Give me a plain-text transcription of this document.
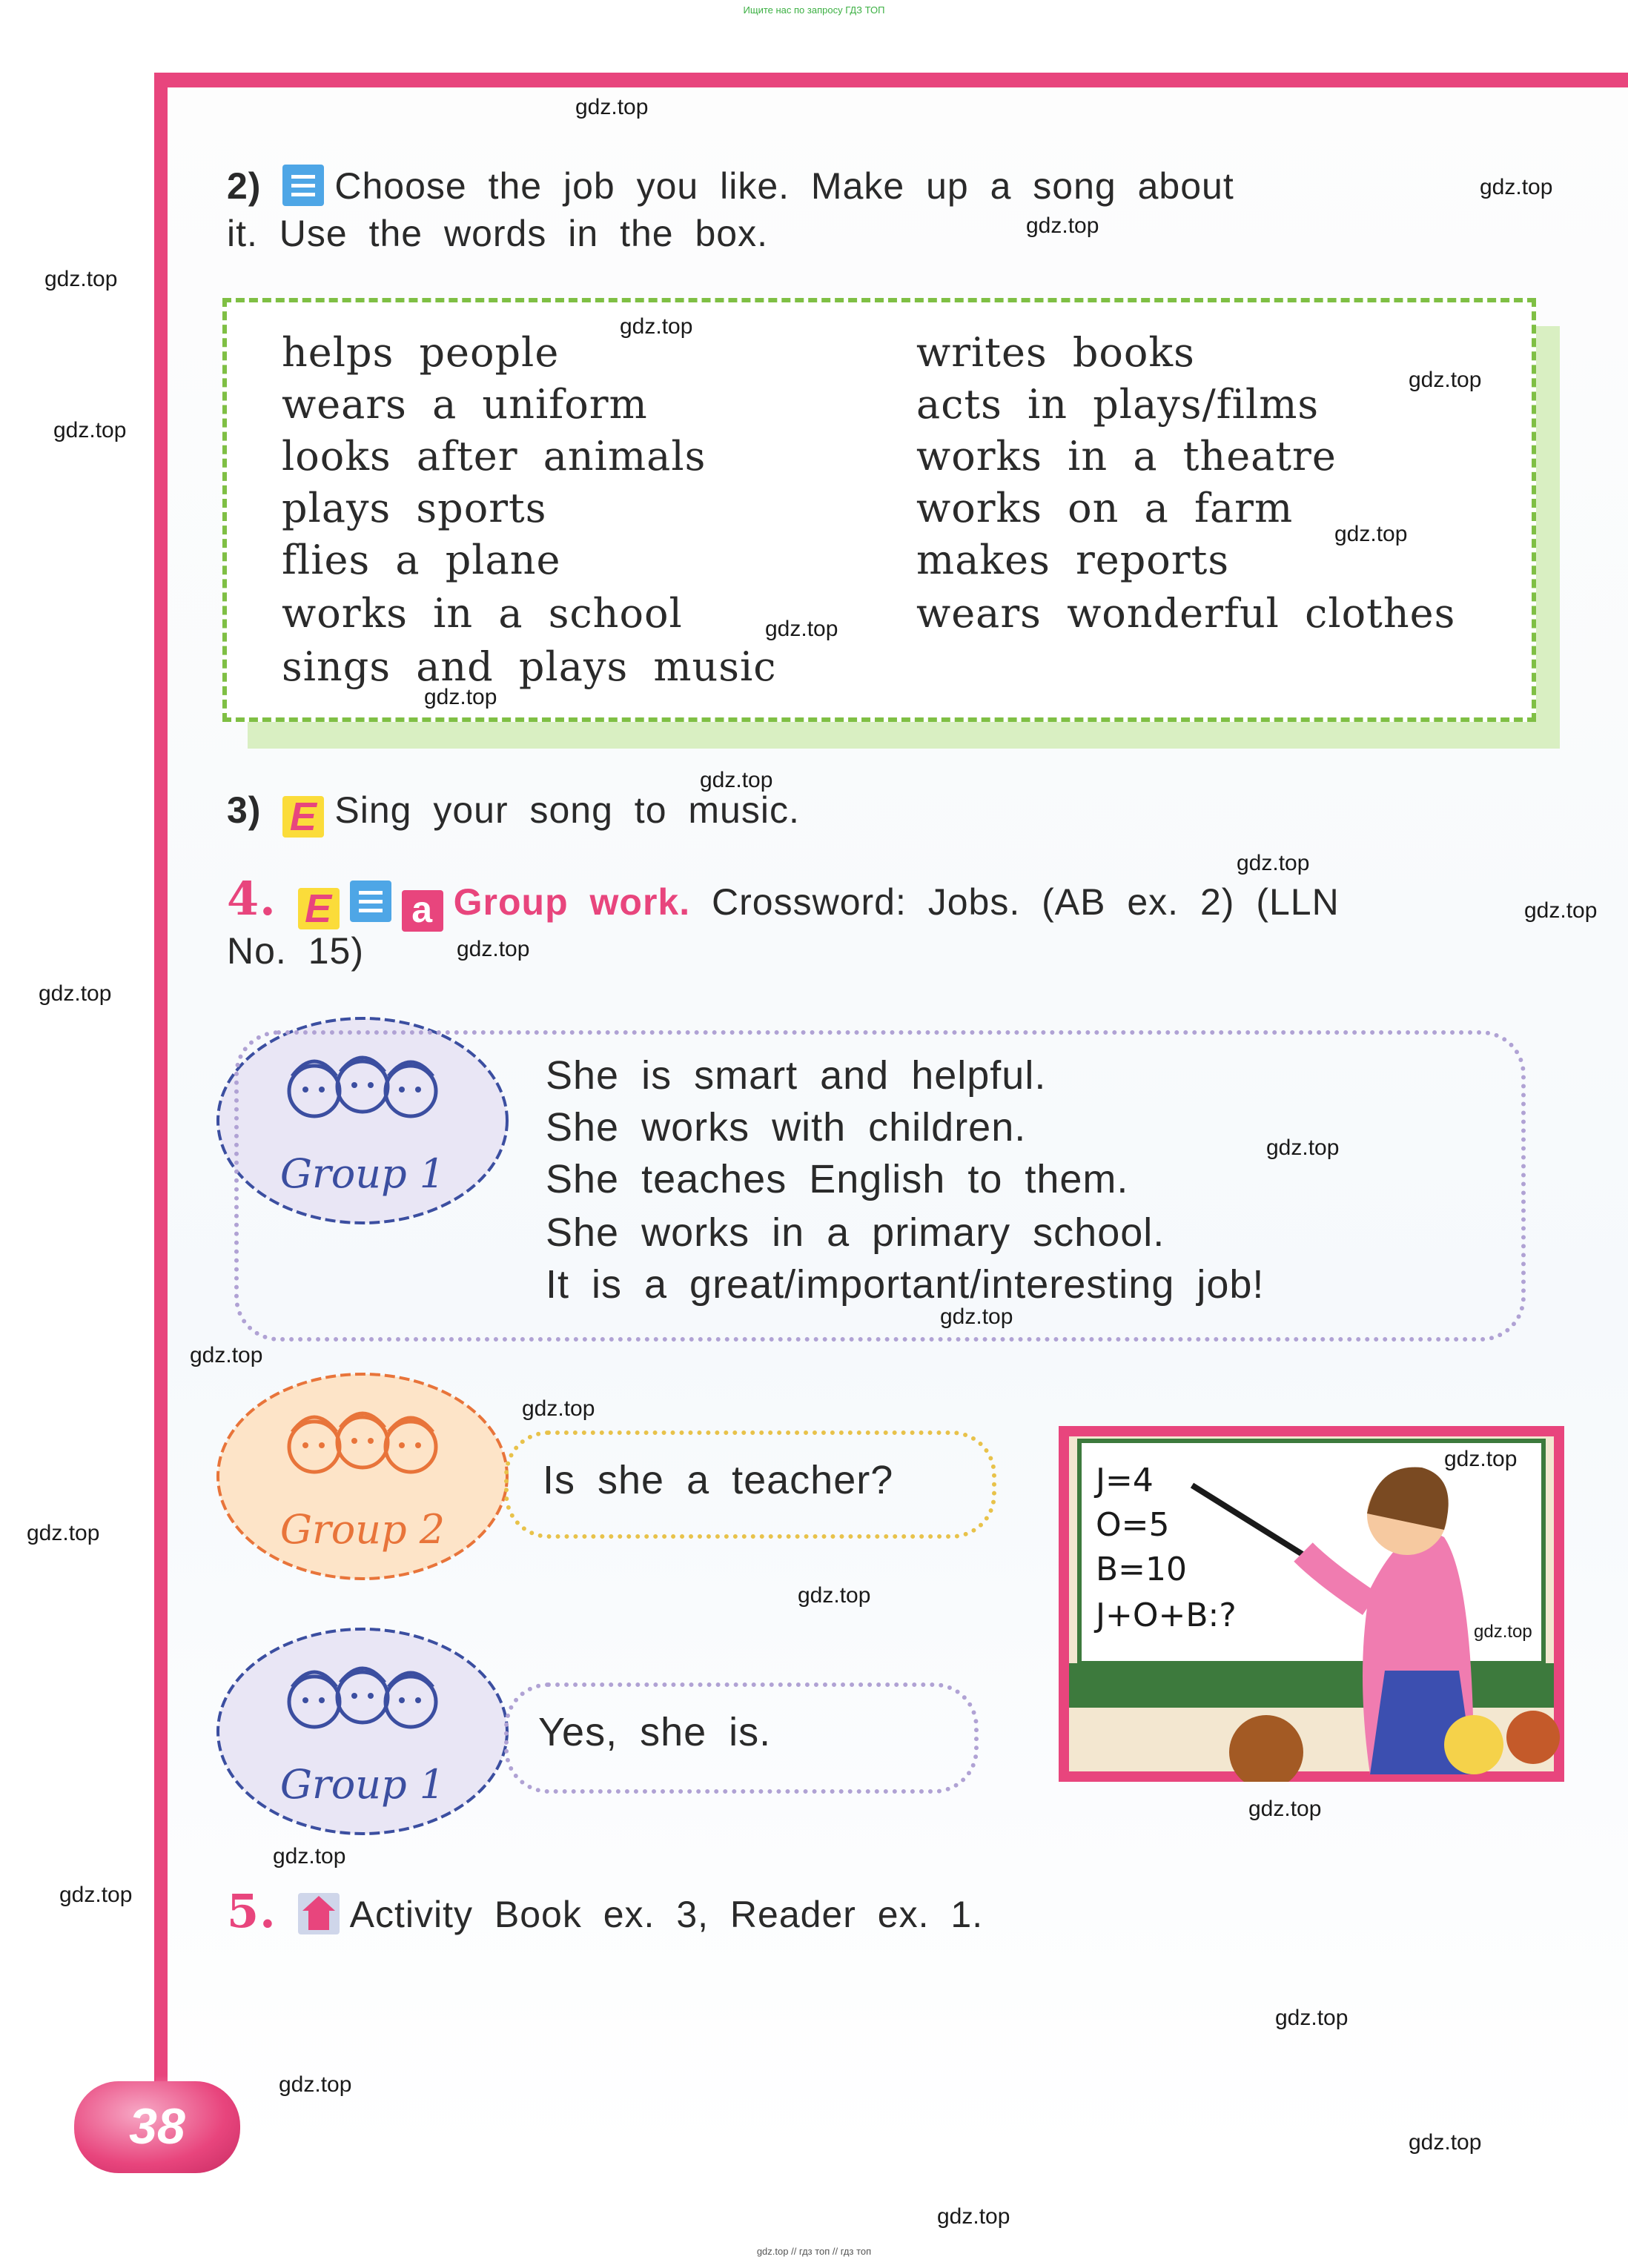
Ищите нас по запросу ГДЗ ТОП
2) Choose the job you like. Make up a song about
it. Use the words in the box.
helps people
wears a uniform
looks after animals
plays sports
flies a plane
works in a school
sings and plays music
writes books
acts in plays/films
works in a theatre
works on a farm
makes reports
wears wonderful clothes
3) E Sing your song to music.
4. E a Group work. Crossword: Jobs. (AB ex. 2) (LLN
No. 15)
Group 1
She is smart and helpful.
She works with children.
She teaches English to them.
She works in a primary school.
It is a great/important/interesting job!
Group 2
Is she a teacher?	J=4
O=5
B=10
J+O+B:?
Group 1
Yes, she is.
5. Activity Book ex. 3, Reader ex. 1.
38
gdz.top
gdz.top
gdz.top
gdz.top
gdz.top
gdz.top
gdz.top
gdz.top
gdz.top
gdz.top
gdz.top
gdz.top
gdz.top
gdz.top
gdz.top
gdz.top
gdz.top
gdz.top
gdz.top
gdz.top
gdz.top
gdz.top
gdz.top
gdz.top
gdz.top
gdz.top
gdz.top
gdz.top
gdz.top
gdz.top
gdz.top // гдз топ // гдз топ
